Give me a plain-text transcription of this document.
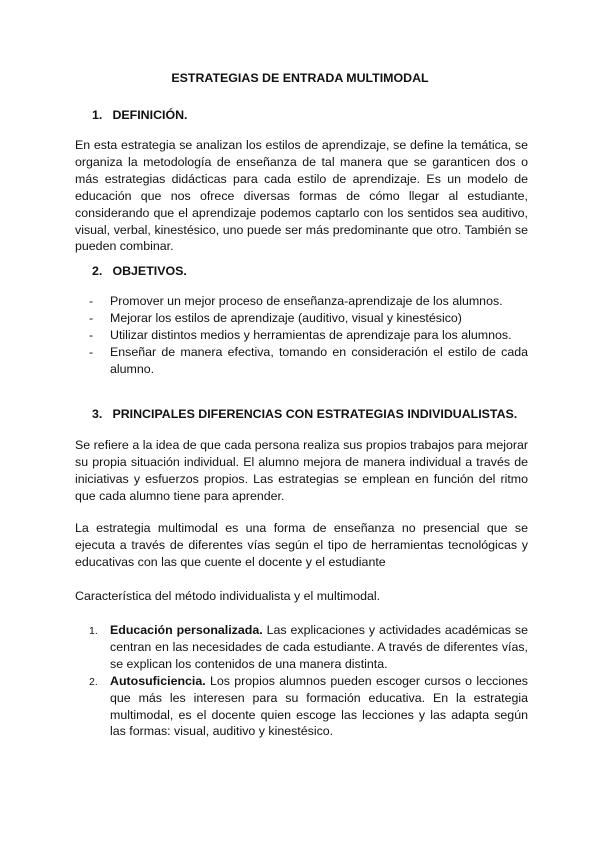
ESTRATEGIAS DE ENTRADA MULTIMODAL
1. DEFINICIÓN.

En esta estrategia se analizan los estilos de aprendizaje, se define la temática, se organiza la metodología de enseñanza de tal manera que se garanticen dos o más estrategias didácticas para cada estilo de aprendizaje. Es un modelo de educación que nos ofrece diversas formas de cómo llegar al estudiante, considerando que el aprendizaje podemos captarlo con los sentidos sea auditivo, visual, verbal, kinestésico, uno puede ser más predominante que otro. También se pueden combinar.

2. OBJETIVOS.
- Promover un mejor proceso de enseñanza-aprendizaje de los alumnos.
- Mejorar los estilos de aprendizaje (auditivo, visual y kinestésico)
- Utilizar distintos medios y herramientas de aprendizaje para los alumnos.
- Enseñar de manera efectiva, tomando en consideración el estilo de cada alumno.
3. PRINCIPALES DIFERENCIAS CON ESTRATEGIAS INDIVIDUALISTAS.

Se refiere a la idea de que cada persona realiza sus propios trabajos para mejorar su propia situación individual. El alumno mejora de manera individual a través de iniciativas y esfuerzos propios. Las estrategias se emplean en función del ritmo que cada alumno tiene para aprender.

La estrategia multimodal es una forma de enseñanza no presencial que se ejecuta a través de diferentes vías según el tipo de herramientas tecnológicas y educativas con las que cuente el docente y el estudiante

Característica del método individualista y el multimodal.

1. Educación personalizada. Las explicaciones y actividades académicas se centran en las necesidades de cada estudiante. A través de diferentes vías, se explican los contenidos de una manera distinta.
2. Autosuficiencia. Los propios alumnos pueden escoger cursos o lecciones que más les interesen para su formación educativa. En la estrategia multimodal, es el docente quien escoge las lecciones y las adapta según las formas: visual, auditivo y kinestésico.
